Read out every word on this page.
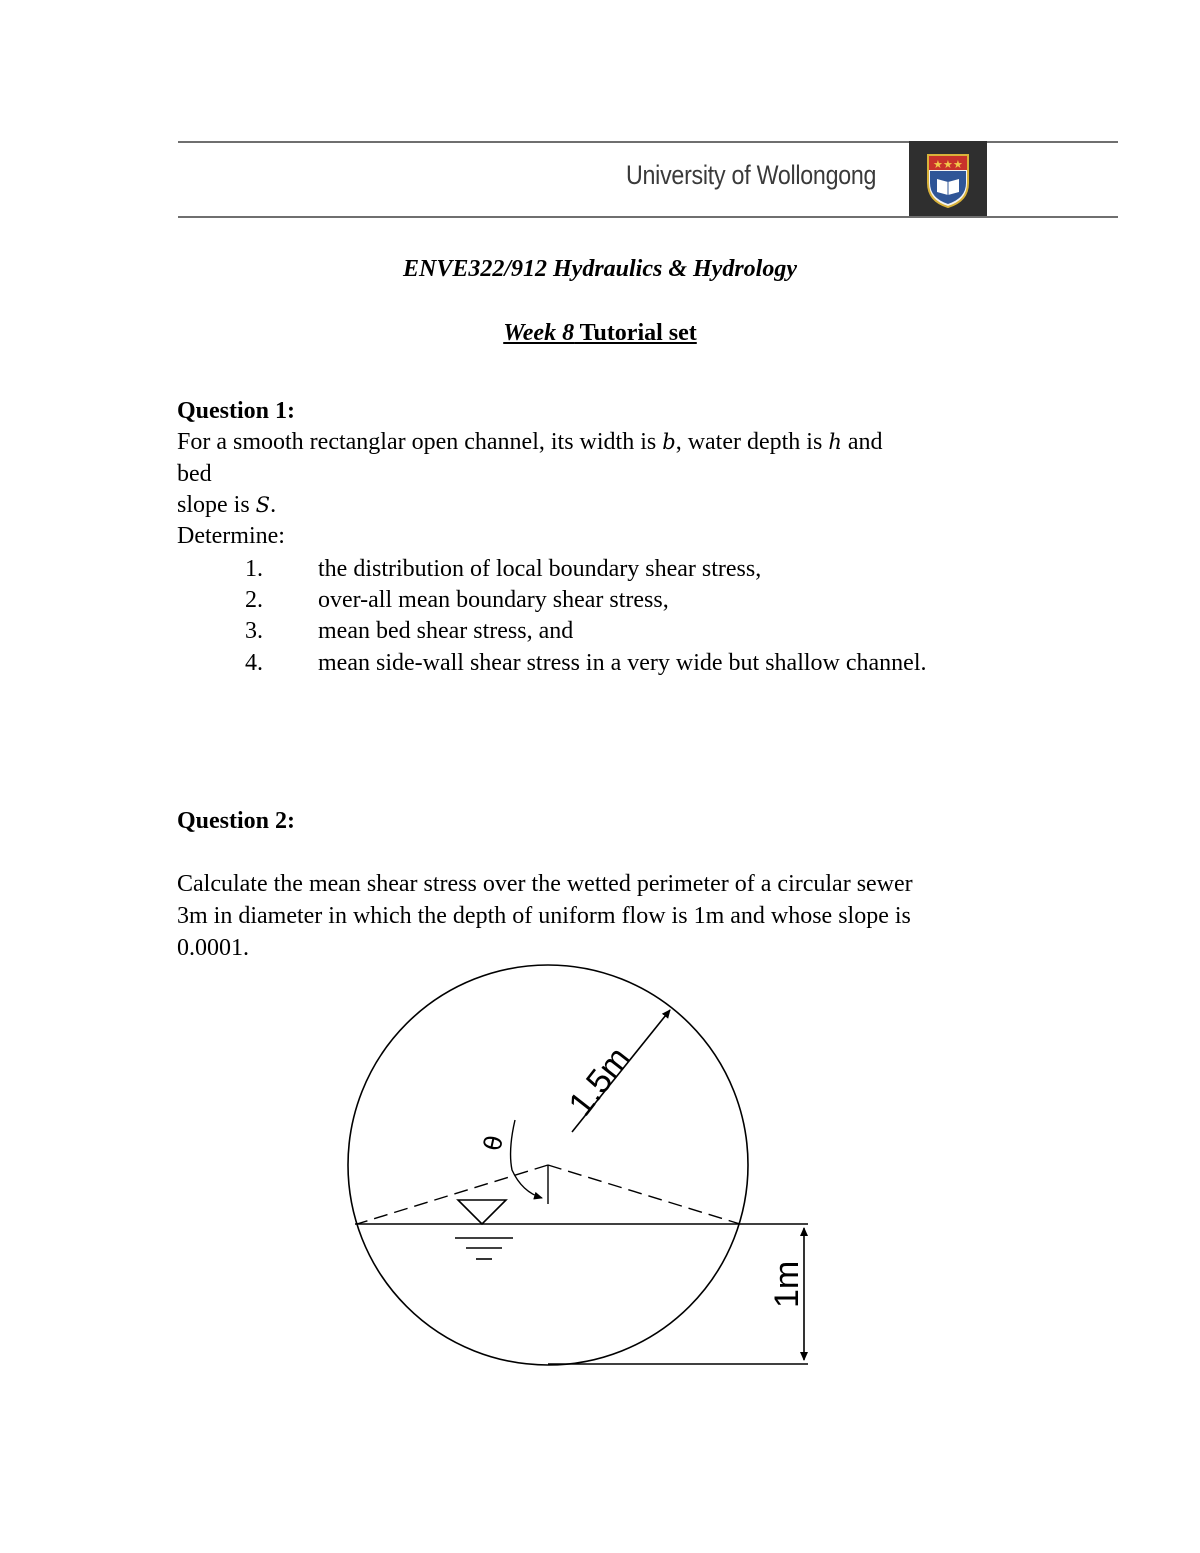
University of Wollongong	★ ★ ★
ENVE322/912 Hydraulics & Hydrology
Week 8 Tutorial set
Question 1:
For a smooth rectanglar open channel, its width is b, water depth is h and
bed
slope is S.
Determine:
1. the distribution of local boundary shear stress,
2. over-all mean boundary shear stress,
3. mean bed shear stress, and
4. mean side-wall shear stress in a very wide but shallow channel.
Question 2:
Calculate the mean shear stress over the wetted perimeter of a circular sewer
3m in diameter in which the depth of uniform flow is 1m and whose slope is
0.0001.
1.5m
θ
1m
